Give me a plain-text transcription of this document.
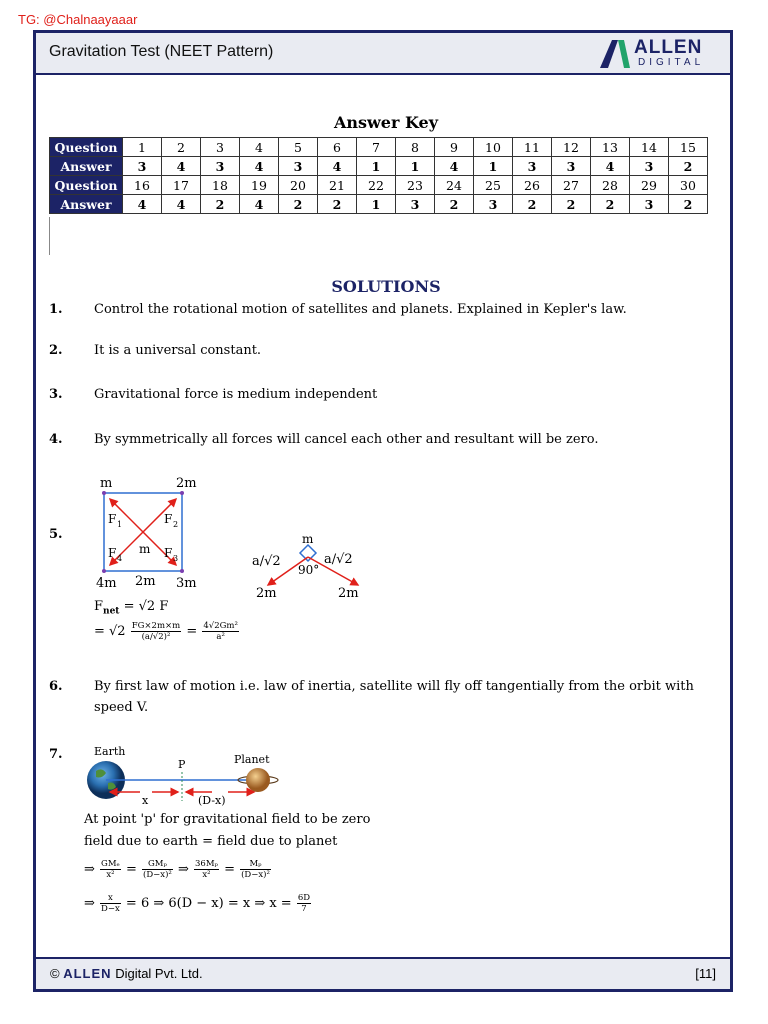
TG: @Chalnaayaaar
Gravitation Test (NEET Pattern)	ALLEN
DIGITAL
Answer Key
Question	1	2	3	4	5	6	7	8	9	10	11	12	13	14	15
Answer	3	4	3	4	3	4	1	1	4	1	3	3	4	3	2
Question	16	17	18	19	20	21	22	23	24	25	26	27	28	29	30
Answer	4	4	2	4	2	2	1	3	2	3	2	2	2	3	2
SOLUTIONS
1. Control the rotational motion of satellites and planets. Explained in Kepler's law.
2. It is a universal constant.
3. Gravitational force is medium independent
4. By symmetrically all forces will cancel each other and resultant will be zero.
5.
m	2m
4m	3m
2m
m
F 1	F 2
F 4	F 3
m
90°
a/√2	a/√2
2m	2m
$F_{net} = √2$ F
= $√2 \frac{FG\times 2m\times m}{\text{(a/√2)²}} = \frac{\text{4√2Gm²}}{\text{a²}}$
6. By first law of motion i.e. law of inertia, satellite will fly off tangentially from the orbit with speed V.
7.	Earth
Planet
P
x	(D-x)
At point 'p' for gravitational field to be zero
field due to earth = field due to planet
⇒ $\frac{\text{GMₑ}}{\text{x²}} = \frac{\text{GMₚ}}{\text{(D−x)²}}$ ⇒ $\frac{\text{36Mₚ}}{\text{x²}} = \frac{\text{Mₚ}}{\text{(D−x)²}}$
⇒ $\frac{x}{D-x} = 6$ ⇒ 6(D − x) = x ⇒ $x = \frac{6D}{7}$
© ALLEN Digital Pvt. Ltd.	[11]
